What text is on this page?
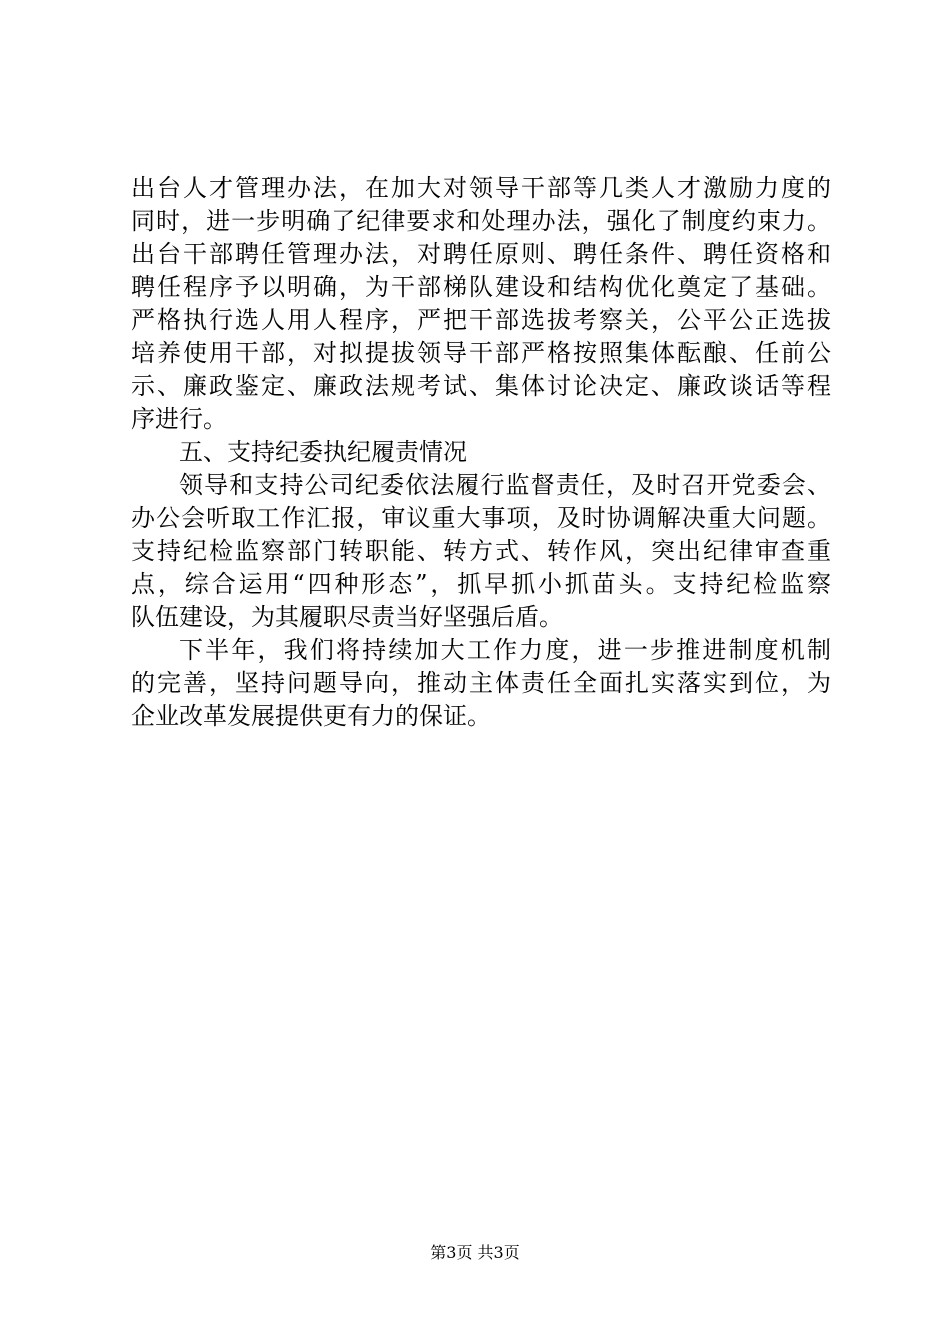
出台人才管理办法，在加大对领导干部等几类人才激励力度的
同时，进一步明确了纪律要求和处理办法，强化了制度约束力。
出台干部聘任管理办法，对聘任原则、聘任条件、聘任资格和
聘任程序予以明确，为干部梯队建设和结构优化奠定了基础。
严格执行选人用人程序，严把干部选拔考察关，公平公正选拔
培养使用干部，对拟提拔领导干部严格按照集体酝酿、任前公
示、廉政鉴定、廉政法规考试、集体讨论决定、廉政谈话等程
序进行。
五、支持纪委执纪履责情况
领导和支持公司纪委依法履行监督责任，及时召开党委会、
办公会听取工作汇报，审议重大事项，及时协调解决重大问题。
支持纪检监察部门转职能、转方式、转作风，突出纪律审查重
点，综合运用“四种形态”，抓早抓小抓苗头。支持纪检监察
队伍建设，为其履职尽责当好坚强后盾。
下半年，我们将持续加大工作力度，进一步推进制度机制
的完善，坚持问题导向，推动主体责任全面扎实落实到位，为
企业改革发展提供更有力的保证。
第3页 共3页
